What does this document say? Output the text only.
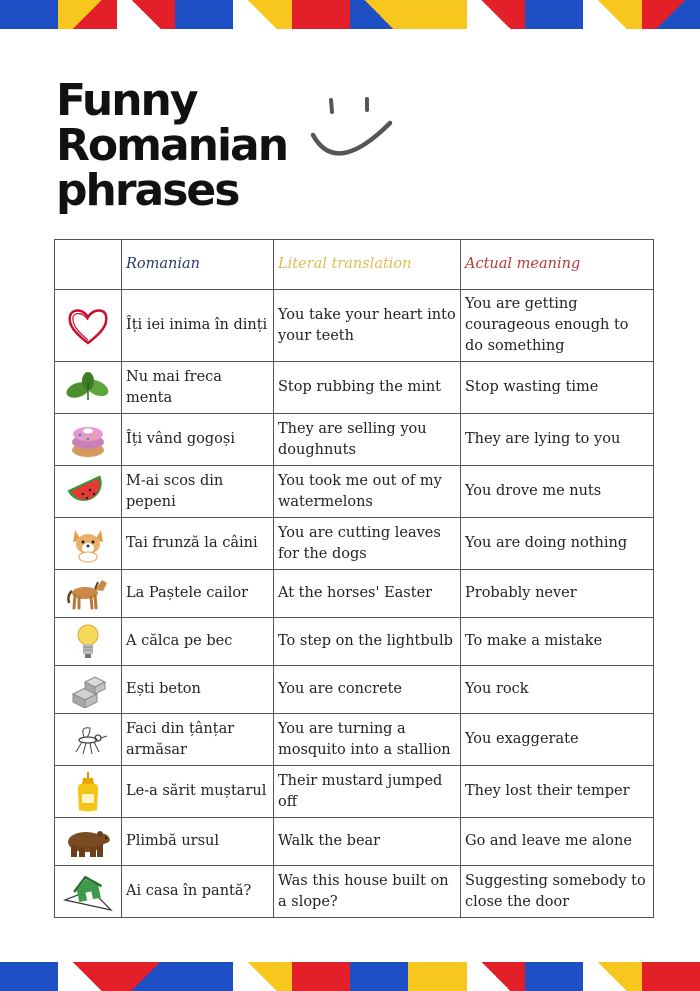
Funny
Romanian
phrases
	Romanian	Literal translation	Actual meaning

	Îți iei inima în dinți	You take your heart into your teeth	You are getting courageous enough to do something

	Nu mai freca menta	Stop rubbing the mint	Stop wasting time

	Îți vând gogoși	They are selling you doughnuts	They are lying to you

	M-ai scos din pepeni	You took me out of my watermelons	You drove me nuts

	Tai frunză la câini	You are cutting leaves for the dogs	You are doing nothing

	La Paștele cailor	At the horses' Easter	Probably never

	A călca pe bec	To step on the lightbulb	To make a mistake

	Ești beton	You are concrete	You rock

	Faci din țânțar armăsar	You are turning a mosquito into a stallion	You exaggerate

	Le-a sărit muștarul	Their mustard jumped off	They lost their temper

	Plimbă ursul	Walk the bear	Go and leave me alone

	Ai casa în pantă?	Was this house built on a slope?	Suggesting somebody to close the door
